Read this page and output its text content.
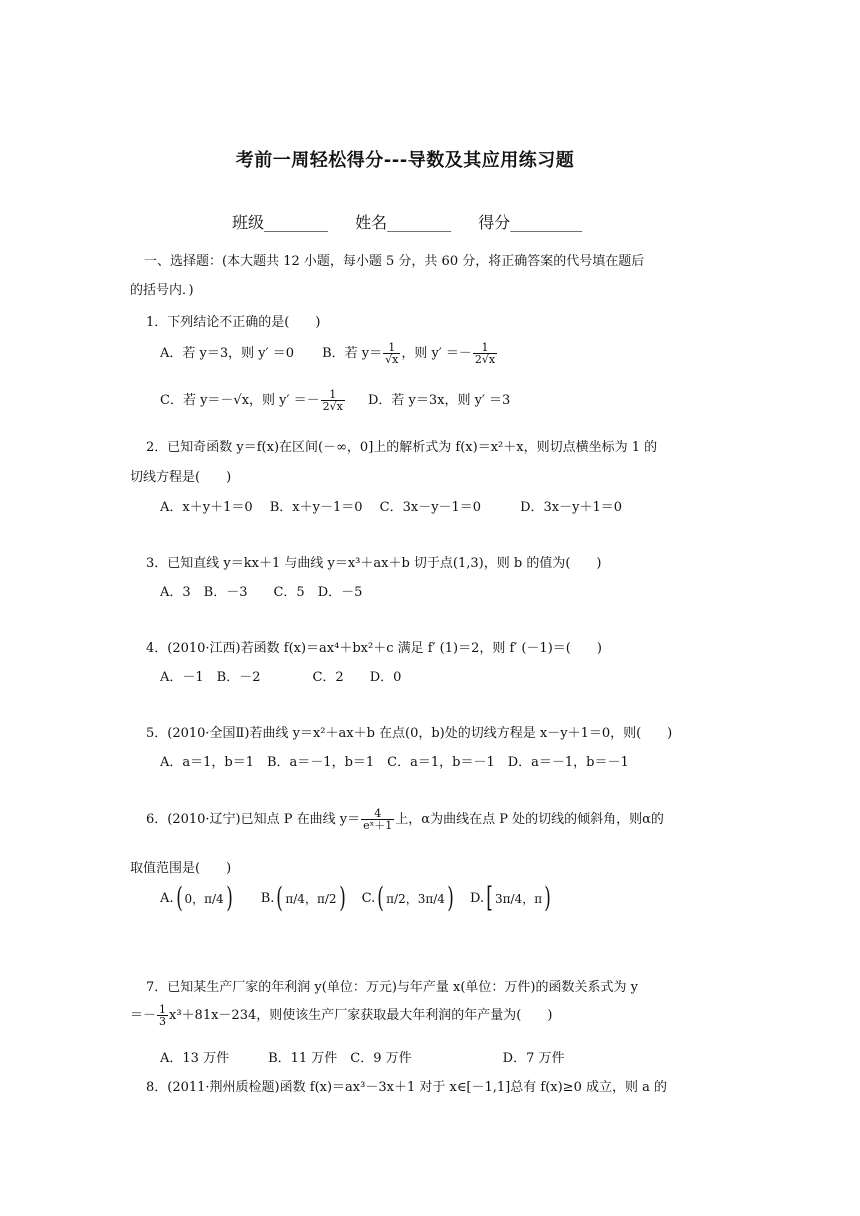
考前一周轻松得分---导数及其应用练习题
班级________ 姓名________ 得分_________
一、选择题：(本大题共 12 小题，每小题 5 分，共 60 分，将正确答案的代号填在题后
的括号内．)
1．下列结论不正确的是(　　)
A．若 y＝3，则 y′ ＝0 B．若 $y= \frac{1}{√x}$ ，则 $y' =- \frac{1}{2√x}$
C．若 y＝－√x，则 $y' =- \frac{1}{2√x}$ D．若 y＝3x，则 y′ ＝3
2．已知奇函数 y＝f(x)在区间(－∞，0]上的解析式为 f(x)＝x²＋x，则切点横坐标为 1 的
切线方程是(　　)
A．x＋y＋1＝0　 B．x＋y－1＝0　 C．3x－y－1＝0　　　D．3x－y＋1＝0
3．已知直线 y＝kx＋1 与曲线 y＝x³＋ax＋b 切于点(1,3)，则 b 的值为(　　)
A．3　B．－3　　C．5　D．－5
4．(2010·江西)若函数 f(x)＝ax⁴＋bx²＋c 满足 f′ (1)＝2，则 f′ (－1)＝(　　)
A．－1　B．－2　　　　C．2　　D．0
5．(2010·全国Ⅱ)若曲线 y＝x²＋ax＋b 在点(0，b)处的切线方程是 x－y＋1＝0，则(　　)
A．a＝1，b＝1　B．a＝－1，b＝1　C．a＝1，b＝－1　D．a＝－1，b＝－1
6．(2010·辽宁)已知点 P 在曲线 $y= \frac{4}{\text{eˣ＋1}}$ 上，α为曲线在点 P 处的切线的倾斜角，则α的
取值范围是(　　)
A.( 0，π/4) B.( π/4，π/2) C.( π/2，3π/4) D.[ 3π/4，π)
7．已知某生产厂家的年利润 y(单位：万元)与年产量 x(单位：万件)的函数关系式为 y
＝－ $\frac{1}{3} x^3+81x-234$，则使该生产厂家获取最大年利润的年产量为(　　)
A．13 万件　　　B．11 万件　C．9 万件　　　　　　　D．7 万件
8．(2011·荆州质检题)函数 f(x)＝ax³－3x＋1 对于 x∈[－1,1]总有 f(x)≥0 成立，则 a 的
